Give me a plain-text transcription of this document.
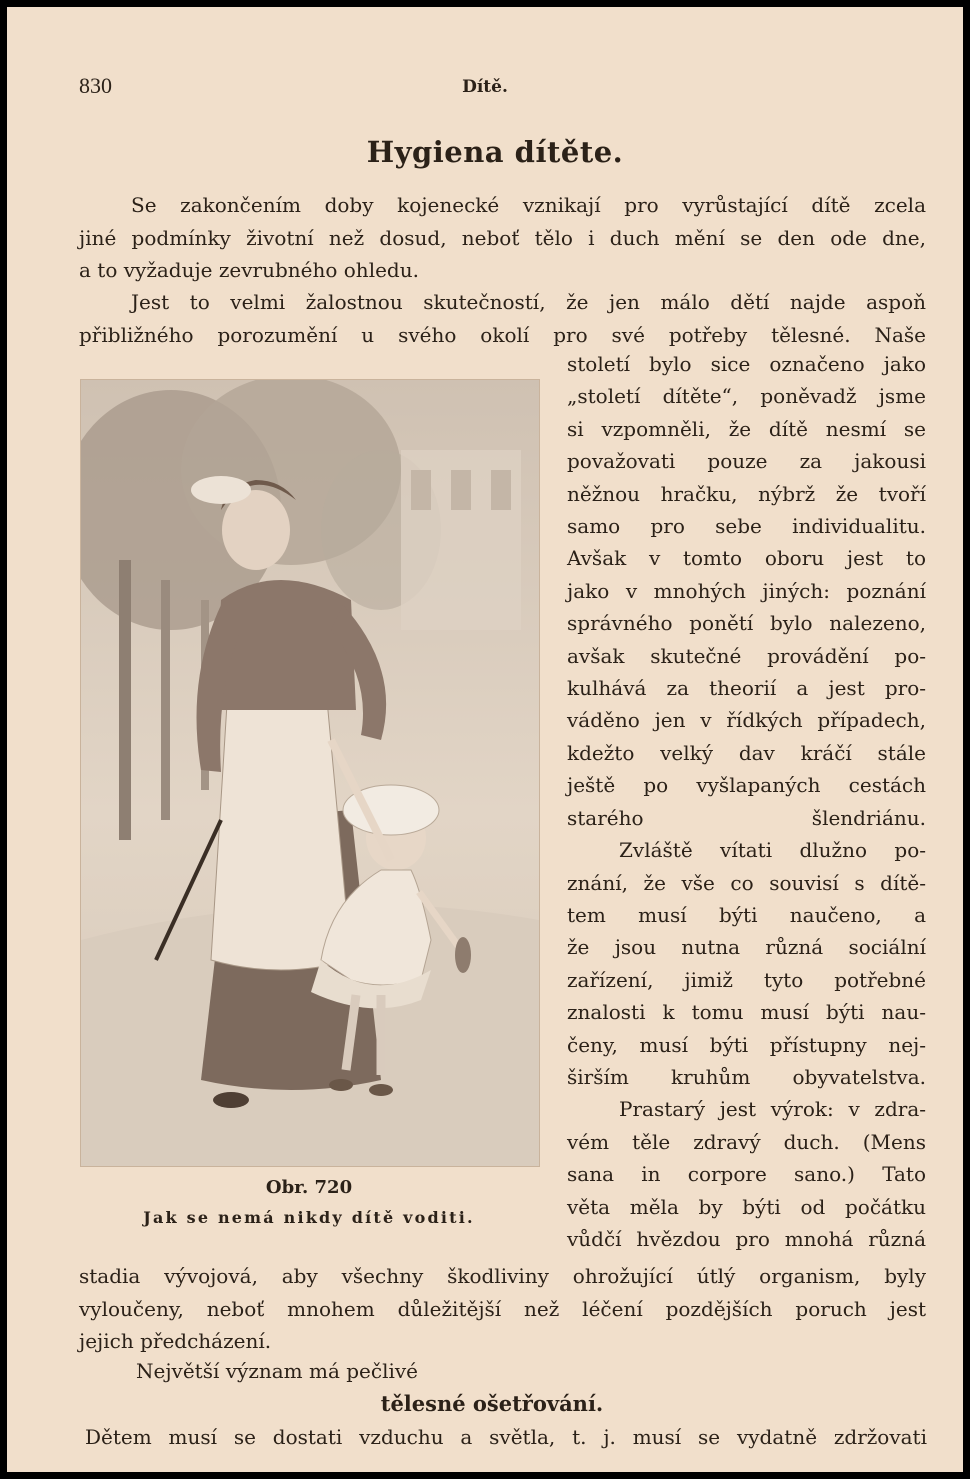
830	Dítě.
Hygiena dítěte.
Se zakončením doby kojenecké vznikají pro vyrůstající dítě zcela
jiné podmínky životní než dosud, neboť tělo i duch mění se den ode dne,
a to vyžaduje zevrubného ohledu.
Jest to velmi žalostnou skutečností, že jen málo dětí najde aspoň
přibližného porozumění u svého okolí pro své potřeby tělesné. Naše
století bylo sice označeno jako
„století dítěte“, poněvadž jsme
si vzpomněli, že dítě nesmí se
považovati pouze za jakousi
něžnou hračku, nýbrž že tvoří
samo pro sebe individualitu.
Avšak v tomto oboru jest to
jako v mnohých jiných: poznání
správného ponětí bylo nalezeno,
avšak skutečné provádění po-
kulhává za theorií a jest pro-
váděno jen v řídkých případech,
kdežto velký dav kráčí stále
ještě po vyšlapaných cestách
starého šlendriánu.
Zvláště vítati dlužno po-
znání, že vše co souvisí s dítě-
tem musí býti naučeno, a
že jsou nutna různá sociální
zařízení, jimiž tyto potřebné
znalosti k tomu musí býti nau-
čeny, musí býti přístupny nej-
širším kruhům obyvatelstva.
Prastarý jest výrok: v zdra-
vém těle zdravý duch. (Mens
sana in corpore sano.) Tato
věta měla by býti od počátku
vůdčí hvězdou pro mnohá různá
Obr. 720
Jak se nemá nikdy dítě voditi.
stadia vývojová, aby všechny škodliviny ohrožující útlý organism, byly
vyloučeny, neboť mnohem důležitější než léčení pozdějších poruch jest
jejich předcházení.
Největší význam má pečlivé
tělesné ošetřování.
Dětem musí se dostati vzduchu a světla, t. j. musí se vydatně zdržovati
